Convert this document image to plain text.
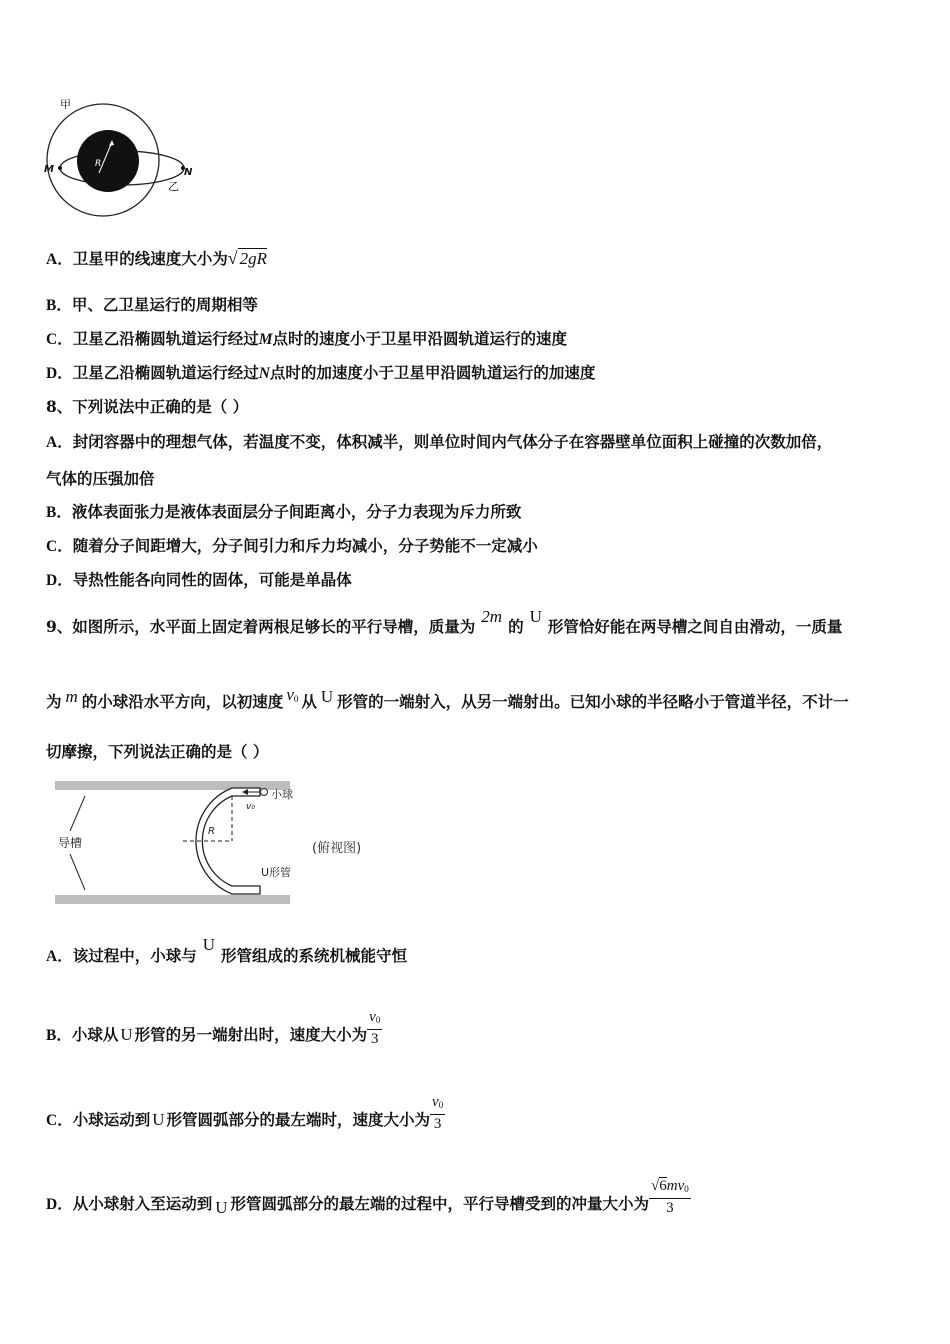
R
甲
M	N
乙
A．卫星甲的线速度大小为√ 2gR
B．甲、乙卫星运行的周期相等
C．卫星乙沿椭圆轨道运行经过M点时的速度小于卫星甲沿圆轨道运行的速度
D．卫星乙沿椭圆轨道运行经过N点时的加速度小于卫星甲沿圆轨道运行的加速度
8、下列说法中正确的是（ ）
A．封闭容器中的理想气体，若温度不变，体积减半，则单位时间内气体分子在容器壁单位面积上碰撞的次数加倍，
气体的压强加倍
B．液体表面张力是液体表面层分子间距离小，分子力表现为斥力所致
C．随着分子间距增大，分子间引力和斥力均减小，分子势能不一定减小
D．导热性能各向同性的固体，可能是单晶体
9、如图所示，水平面上固定着两根足够长的平行导槽，质量为2m的U形管恰好能在两导槽之间自由滑动，一质量
为 m 的小球沿水平方向，以初速度 $v_0$ 从 U 形管的一端射入，从另一端射出。已知小球的半径略小于管道半径，不计一
切摩擦，下列说法正确的是（ ）
导槽
R
v₀
小球
U形管
(俯视图)
A．该过程中，小球与U形管组成的系统机械能守恒
B．小球从 U 形管的另一端射出时，速度大小为 $\frac{v_0}{3}$
C．小球运动到 U 形管圆弧部分的最左端时，速度大小为 $\frac{v_0}{3}$
D．从小球射入至运动到 U 形管圆弧部分的最左端的过程中，平行导槽受到的冲量大小为 $\frac{√6mv_0}{3}$
